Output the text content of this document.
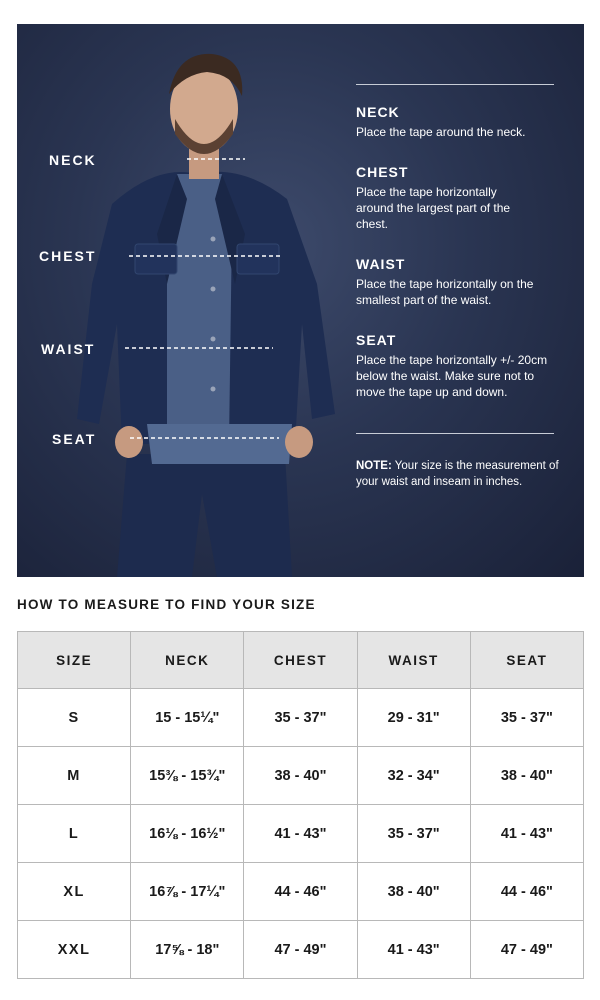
NECK
CHEST
WAIST
SEAT
NECK

Place the tape around the neck.

CHEST

Place the tape horizontally around the largest part of the chest.

WAIST

Place the tape horizontally on the smallest part of the waist.

SEAT

Place the tape horizontally +/- 20cm below the waist. Make sure not to move the tape up and down.

NOTE: Your size is the measurement of your waist and inseam in inches.
HOW TO MEASURE TO FIND YOUR SIZE
SIZE	NECK	CHEST	WAIST	SEAT
S	15 - 15¼"	35 - 37"	29 - 31"	35 - 37"
M	15⅜ - 15¾"	38 - 40"	32 - 34"	38 - 40"
L	16⅛ - 16½"	41 - 43"	35 - 37"	41 - 43"
XL	16⅞ - 17¼"	44 - 46"	38 - 40"	44 - 46"
XXL	17⅝ - 18"	47 - 49"	41 - 43"	47 - 49"
